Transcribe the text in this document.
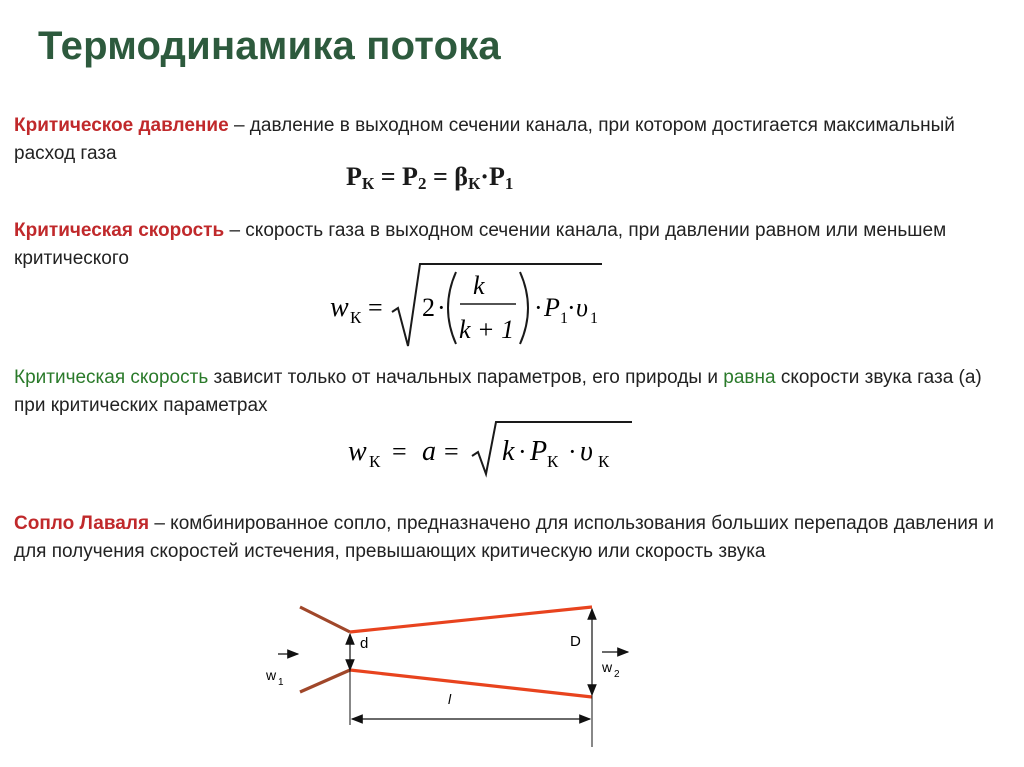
Термодинамика потока
Критическое давление – давление в выходном сечении канала, при котором достигается максимальный расход газа
$P_К = P_2 = \beta_К\cdot P_1$
Критическая скорость – скорость газа в выходном сечении канала, при давлении равном или меньшем критического
w К = 2 ·
k
k + 1
· P 1 · υ 1
Критическая скорость зависит только от начальных параметров, его природы и равна скорости звука газа (а) при критических параметрах
w К = a = k · P К · υ К
Сопло Лаваля – комбинированное сопло, предназначено для использования больших перепадов давления и для получения скоростей истечения, превышающих критическую или скорость звука
d	D
l
w 1
w 2
